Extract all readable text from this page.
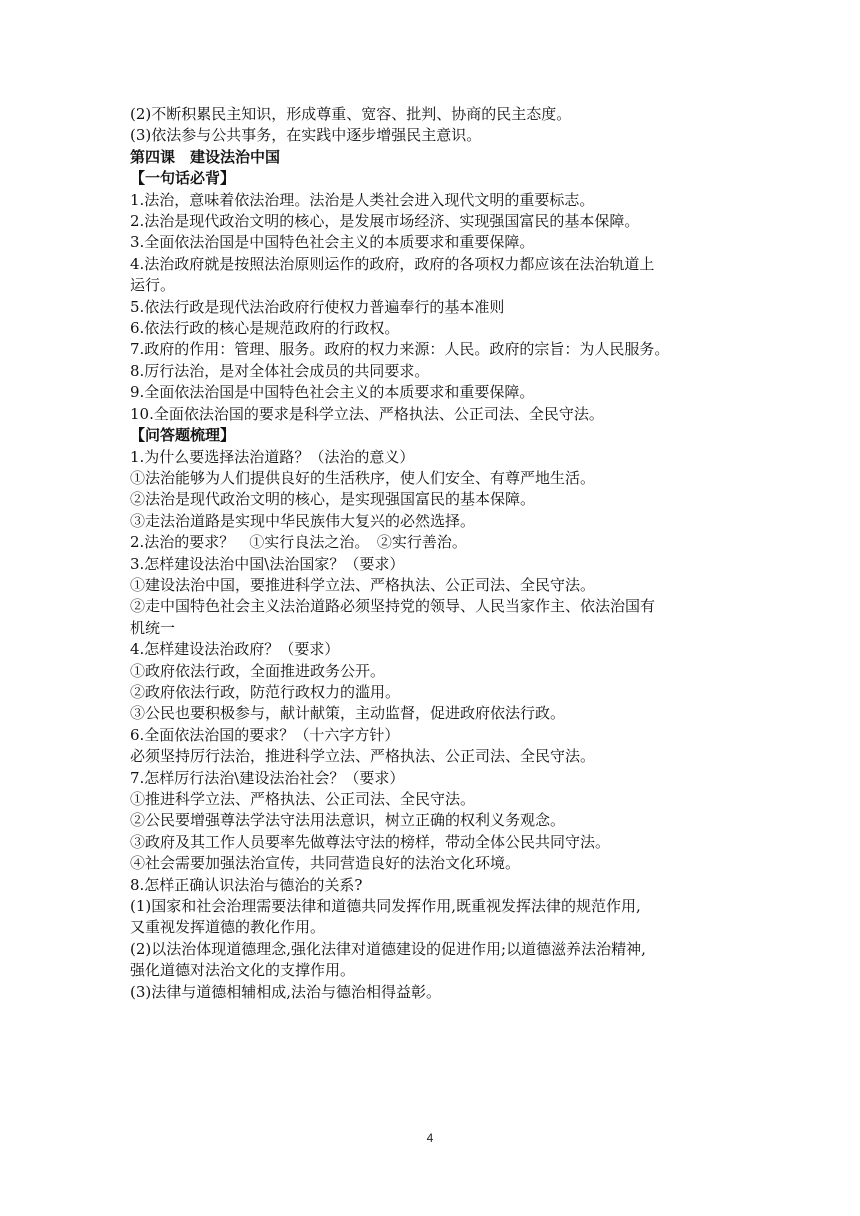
(2)不断积累民主知识，形成尊重、宽容、批判、协商的民主态度。
(3)依法参与公共事务，在实践中逐步增强民主意识。
第四课　建设法治中国
【一句话必背】
1.法治，意味着依法治理。法治是人类社会进入现代文明的重要标志。
2.法治是现代政治文明的核心，是发展市场经济、实现强国富民的基本保障。
3.全面依法治国是中国特色社会主义的本质要求和重要保障。
4.法治政府就是按照法治原则运作的政府，政府的各项权力都应该在法治轨道上
运行。
5.依法行政是现代法治政府行使权力普遍奉行的基本准则
6.依法行政的核心是规范政府的行政权。
7.政府的作用：管理、服务。政府的权力来源：人民。政府的宗旨：为人民服务。
8.厉行法治，是对全体社会成员的共同要求。
9.全面依法治国是中国特色社会主义的本质要求和重要保障。
10.全面依法治国的要求是科学立法、严格执法、公正司法、全民守法。
【问答题梳理】
1.为什么要选择法治道路？（法治的意义）
①法治能够为人们提供良好的生活秩序，使人们安全、有尊严地生活。
②法治是现代政治文明的核心，是实现强国富民的基本保障。
③走法治道路是实现中华民族伟大复兴的必然选择。
2.法治的要求？　①实行良法之治。　②实行善治。
3.怎样建设法治中国\法治国家？（要求）
①建设法治中国，要推进科学立法、严格执法、公正司法、全民守法。
②走中国特色社会主义法治道路必须坚持党的领导、人民当家作主、依法治国有
机统一
4.怎样建设法治政府？（要求）
①政府依法行政，全面推进政务公开。
②政府依法行政，防范行政权力的滥用。
③公民也要积极参与，献计献策，主动监督，促进政府依法行政。
6.全面依法治国的要求？（十六字方针）
必须坚持厉行法治，推进科学立法、严格执法、公正司法、全民守法。
7.怎样厉行法治\建设法治社会？（要求）
①推进科学立法、严格执法、公正司法、全民守法。
②公民要增强尊法学法守法用法意识，树立正确的权利义务观念。
③政府及其工作人员要率先做尊法守法的榜样，带动全体公民共同守法。
④社会需要加强法治宣传，共同营造良好的法治文化环境。
8.怎样正确认识法治与德治的关系?
(1)国家和社会治理需要法律和道德共同发挥作用,既重视发挥法律的规范作用,
又重视发挥道德的教化作用。
(2)以法治体现道德理念,强化法律对道德建设的促进作用;以道德滋养法治精神,
强化道德对法治文化的支撑作用。
(3)法律与道德相辅相成,法治与德治相得益彰。
4
